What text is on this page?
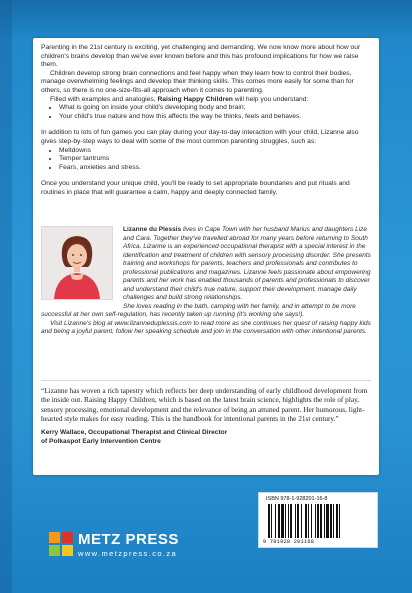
Parenting in the 21st century is exciting, yet challenging and demanding. We now know more about how our children's brains develop than we've ever known before and this has profound implications for how we raise them.

Children develop strong brain connections and feel happy when they learn how to control their bodies, manage overwhelming feelings and develop their thinking skills. This comes more easily for some than for others, so there is no one-size-fits-all approach when it comes to parenting.

Filled with examples and analogies, Raising Happy Children will help you understand:

• What is going on inside your child's developing body and brain;
• Your child's true nature and how this affects the way he thinks, feels and behaves.

In addition to lots of fun games you can play during your day-to-day interaction with your child, Lizanne also gives step-by-step ways to deal with some of the most common parenting struggles, such as:

• Meltdowns
• Temper tantrums
• Fears, anxieties and stress.

Once you understand your unique child, you'll be ready to set appropriate boundaries and put rituals and routines in place that will guarantee a calm, happy and deeply connected family.

Lizanne du Plessis lives in Cape Town with her husband Marius and daughters Lize and Cara. Together they've travelled abroad for many years before returning to South Africa. Lizanne is an experienced occupational therapist with a special interest in the identification and treatment of children with sensory processing disorder. She presents training and workshops for parents, teachers and professionals and contributes to professional publications and magazines. Lizanne feels passionate about empowering parents and her work has enabled thousands of parents and professionals to discover and understand their child's true nature, support their development, manage daily challenges and build strong relationships.

She loves reading in the bath, camping with her family, and in attempt to be more successful at her own self-regulation, has recently taken up running (it's working she says!).

Visit Lizanne's blog at www.lizanneduplessis.com to read more as she continues her quest of raising happy kids and being a joyful parent, follow her speaking schedule and join in the conversation with other intentional parents.

“Lizanne has woven a rich tapestry which reflects her deep understanding of early childhood development from the inside out. Raising Happy Children, which is based on the latest brain science, highlights the role of play, sensory processing, emotional development and the relevance of being an attuned parent. Her humorous, light-hearted style makes for easy reading. This is the handbook for intentional parents in the 21st century.”

Kerry Wallace, Occupational Therapist and Clinical Director
of Polkaspot Early Intervention Centre
ISBN 978-1-928201-16-8
9 781928 201168
METZ PRESS
www.metzpress.co.za
